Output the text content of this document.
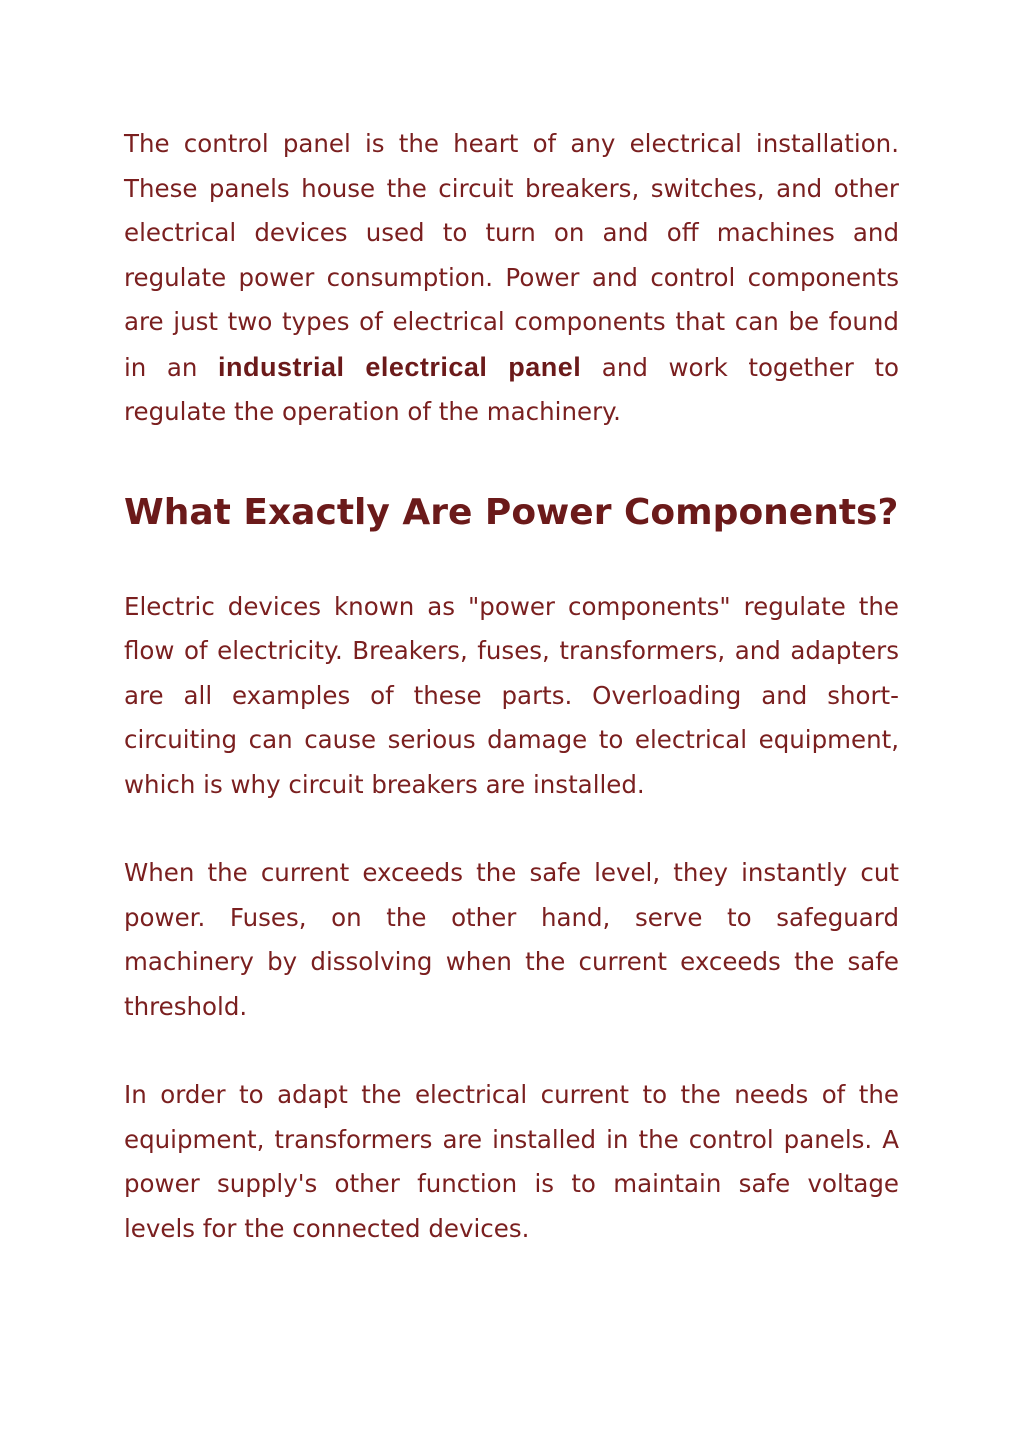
The control panel is the heart of any electrical installation. These panels house the circuit breakers, switches, and other electrical devices used to turn on and off machines and regulate power consumption. Power and control components are just two types of electrical components that can be found in an industrial electrical panel and work together to regulate the operation of the machinery.

What Exactly Are Power Components?

Electric devices known as "power components" regulate the flow of electricity. Breakers, fuses, transformers, and adapters are all examples of these parts. Overloading and short-circuiting can cause serious damage to electrical equipment, which is why circuit breakers are installed.

When the current exceeds the safe level, they instantly cut power. Fuses, on the other hand, serve to safeguard machinery by dissolving when the current exceeds the safe threshold.

In order to adapt the electrical current to the needs of the equipment, transformers are installed in the control panels. A power supply's other function is to maintain safe voltage levels for the connected devices.
